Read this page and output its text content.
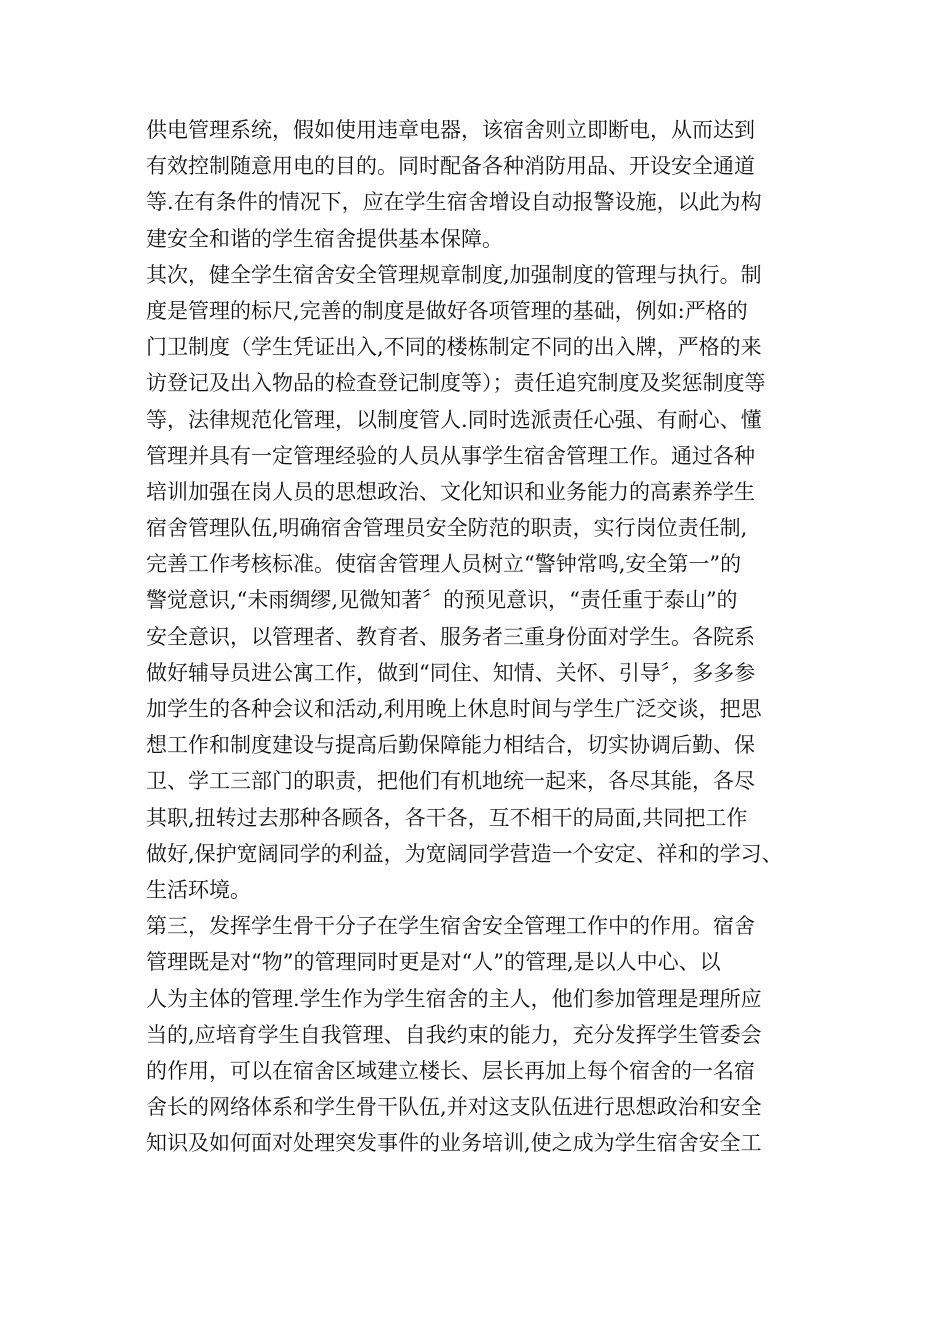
供电管理系统，假如使用违章电器，该宿舍则立即断电，从而达到
有效控制随意用电的目的。同时配备各种消防用品、开设安全通道
等.在有条件的情况下，应在学生宿舍增设自动报警设施，以此为构
建安全和谐的学生宿舍提供基本保障。
其次，健全学生宿舍安全管理规章制度,加强制度的管理与执行。制
度是管理的标尺,完善的制度是做好各项管理的基础，例如:严格的
门卫制度（学生凭证出入,不同的楼栋制定不同的出入牌，严格的来
访登记及出入物品的检查登记制度等）；责任追究制度及奖惩制度等
等，法律规范化管理，以制度管人.同时选派责任心强、有耐心、懂
管理并具有一定管理经验的人员从事学生宿舍管理工作。通过各种
培训加强在岗人员的思想政治、文化知识和业务能力的高素养学生
宿舍管理队伍,明确宿舍管理员安全防范的职责，实行岗位责任制,
完善工作考核标准。使宿舍管理人员树立“警钟常鸣,安全第一”的
警觉意识,“未雨绸缪,见微知著〞的预见意识，“责任重于泰山”的
安全意识，以管理者、教育者、服务者三重身份面对学生。各院系
做好辅导员进公寓工作，做到“同住、知情、关怀、引导〞，多多参
加学生的各种会议和活动,利用晚上休息时间与学生广泛交谈，把思
想工作和制度建设与提高后勤保障能力相结合，切实协调后勤、保
卫、学工三部门的职责，把他们有机地统一起来，各尽其能，各尽
其职,扭转过去那种各顾各，各干各，互不相干的局面,共同把工作
做好,保护宽阔同学的利益，为宽阔同学营造一个安定、祥和的学习、
生活环境。
第三，发挥学生骨干分子在学生宿舍安全管理工作中的作用。宿舍
管理既是对“物”的管理同时更是对“人”的管理,是以人中心、以
人为主体的管理.学生作为学生宿舍的主人，他们参加管理是理所应
当的,应培育学生自我管理、自我约束的能力，充分发挥学生管委会
的作用，可以在宿舍区域建立楼长、层长再加上每个宿舍的一名宿
舍长的网络体系和学生骨干队伍,并对这支队伍进行思想政治和安全
知识及如何面对处理突发事件的业务培训,使之成为学生宿舍安全工
